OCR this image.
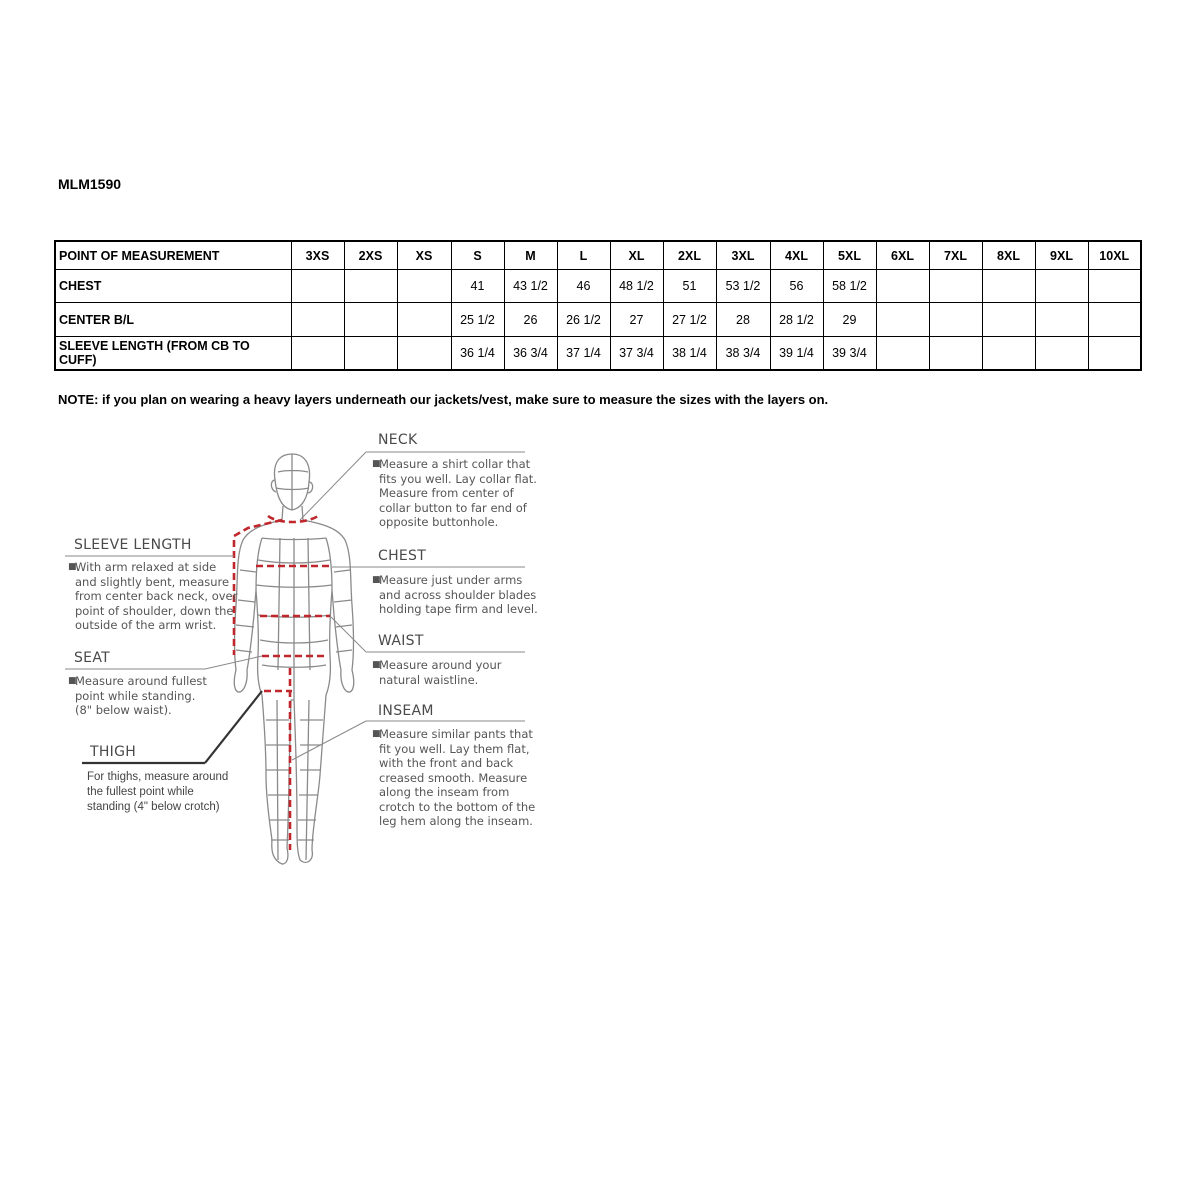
MLM1590
POINT OF MEASUREMENT	3XS	2XS	XS	S	M	L	XL	2XL	3XL	4XL	5XL	6XL	7XL	8XL	9XL	10XL
CHEST				41	43 1/2	46	48 1/2	51	53 1/2	56	58 1/2					
CENTER B/L				25 1/2	26	26 1/2	27	27 1/2	28	28 1/2	29					
SLEEVE LENGTH (FROM CB TO CUFF)				36 1/4	36 3/4	37 1/4	37 3/4	38 1/4	38 3/4	39 1/4	39 3/4					
NOTE: if you plan on wearing a heavy layers underneath our jackets/vest, make sure to measure the sizes with the layers on.
NECK
■
Measure a shirt collar that
fits you well. Lay collar flat.
Measure from center of
collar button to far end of
opposite buttonhole.
CHEST
■
Measure just under arms
and across shoulder blades
holding tape firm and level.
WAIST
■
Measure around your
natural waistline.
INSEAM
■
Measure similar pants that
fit you well. Lay them flat,
with the front and back
creased smooth. Measure
along the inseam from
crotch to the bottom of the
leg hem along the inseam.
SLEEVE LENGTH
■
With arm relaxed at side
and slightly bent, measure
from center back neck, over
point of shoulder, down the
outside of the arm wrist.
SEAT
■
Measure around fullest
point while standing.
(8" below waist).
THIGH
For thighs, measure around
the fullest point while
standing (4" below crotch)
